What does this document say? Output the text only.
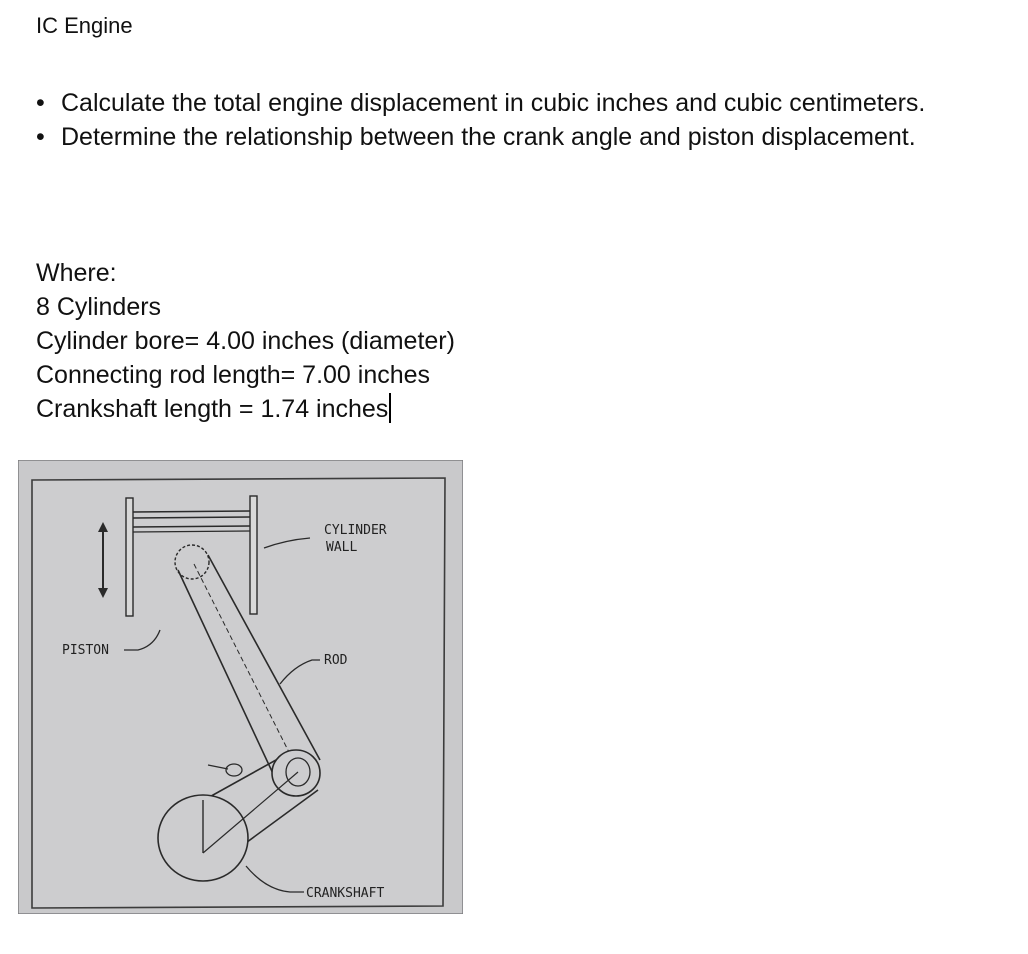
IC Engine
• Calculate the total engine displacement in cubic inches and cubic centimeters.
• Determine the relationship between the crank angle and piston displacement.
Where:
8 Cylinders
Cylinder bore= 4.00 inches (diameter)
Connecting rod length= 7.00 inches
Crankshaft length = 1.74 inches
CYLINDER
WALL
PISTON
ROD
CRANKSHAFT
